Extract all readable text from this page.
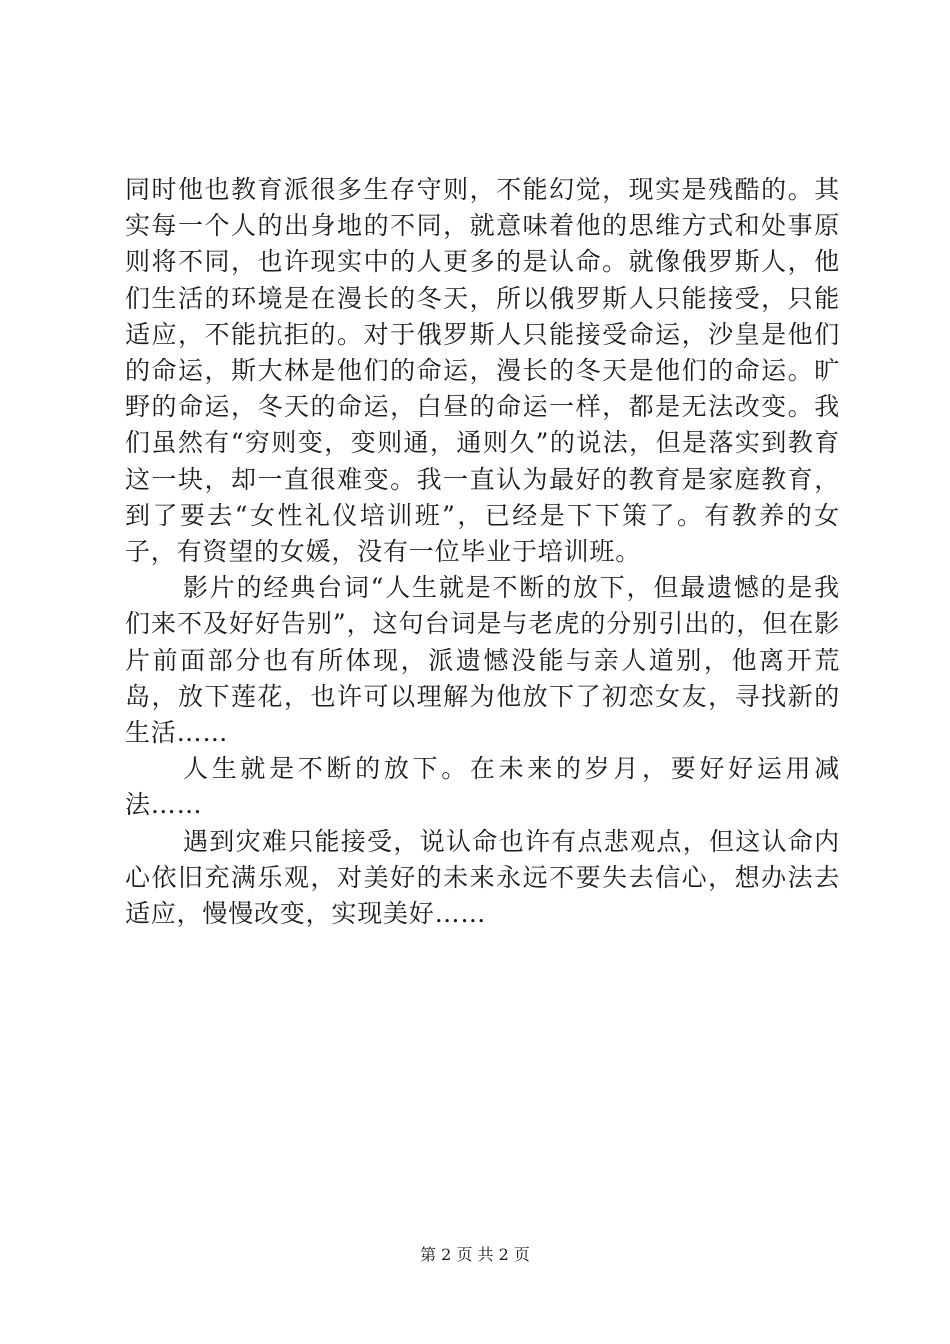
同时他也教育派很多生存守则，不能幻觉，现实是残酷的。其实每一个人的出身地的不同，就意味着他的思维方式和处事原则将不同，也许现实中的人更多的是认命。就像俄罗斯人，他们生活的环境是在漫长的冬天，所以俄罗斯人只能接受，只能适应，不能抗拒的。对于俄罗斯人只能接受命运，沙皇是他们的命运，斯大林是他们的命运，漫长的冬天是他们的命运。旷野的命运，冬天的命运，白昼的命运一样，都是无法改变。我们虽然有“穷则变，变则通，通则久”的说法，但是落实到教育这一块，却一直很难变。我一直认为最好的教育是家庭教育，到了要去“女性礼仪培训班”，已经是下下策了。有教养的女子，有资望的女媛，没有一位毕业于培训班。

影片的经典台词“人生就是不断的放下，但最遗憾的是我们来不及好好告别”，这句台词是与老虎的分别引出的，但在影片前面部分也有所体现，派遗憾没能与亲人道别，他离开荒岛，放下莲花，也许可以理解为他放下了初恋女友，寻找新的生活……

人生就是不断的放下。在未来的岁月，要好好运用减法……

遇到灾难只能接受，说认命也许有点悲观点，但这认命内心依旧充满乐观，对美好的未来永远不要失去信心，想办法去适应，慢慢改变，实现美好……

第 2 页 共 2 页
